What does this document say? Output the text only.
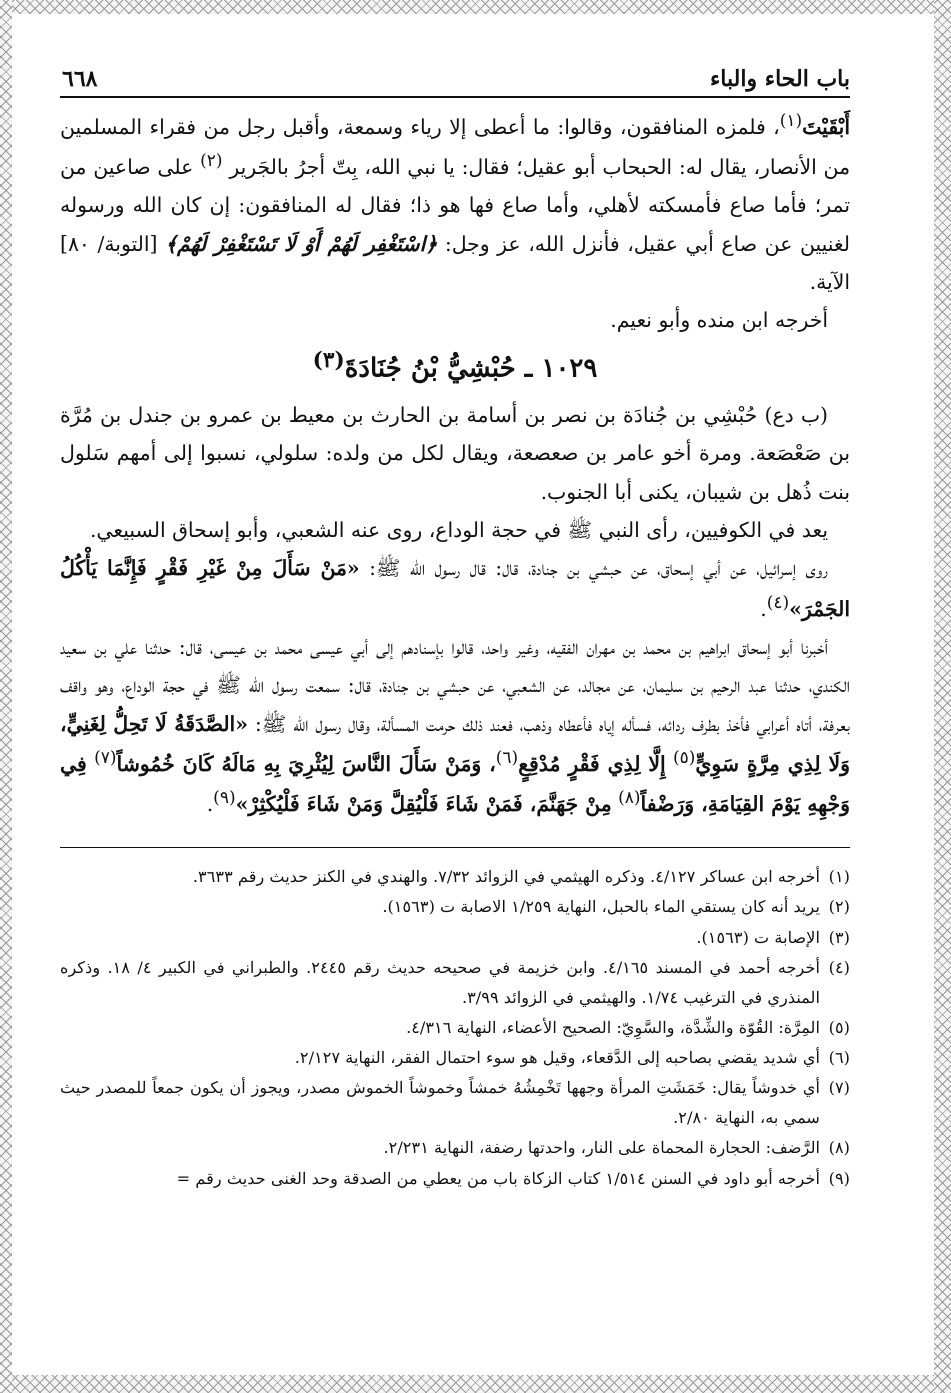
باب الحاء والباء
٦٦٨

أَبْقَيْتَ$^{(١)}$، فلمزه المنافقون، وقالوا: ما أعطى إلا رياء وسمعة، وأقبل رجل من فقراء المسلمين من الأنصار، يقال له: الحبحاب أبو عقيل؛ فقال: يا نبي الله، بِتّ أجرُ بالجَرير $^{(٢)}$ على صاعين من تمر؛ فأما صاع فأمسكته لأهلي، وأما صاع فها هو ذا؛ فقال له المنافقون: إن كان الله ورسوله لغنيين عن صاع أبي عقيل، فأنزل الله، عز وجل: ﴿اسْتَغْفِر لَهُمْ أَوْ لَا تَسْتَغْفِرْ لَهُمْ﴾ [التوبة/ ٨٠] الآية.

أخرجه ابن منده وأبو نعيم.

١٠٢٩ ـ حُبْشِيُّ بْنُ جُنَادَةَ$^{(٣)}$

(ب دع) حُبْشِي بن جُنادَة بن نصر بن أسامة بن الحارث بن معيط بن عمرو بن جندل بن مُرَّة بن صَعْصَعة. ومرة أخو عامر بن صعصعة، ويقال لكل من ولده: سلولي، نسبوا إلى أمهم سَلول بنت ذُهل بن شيبان، يكنى أبا الجنوب.

يعد في الكوفيين، رأى النبي ﷺ في حجة الوداع، روى عنه الشعبي، وأبو إسحاق السبيعي.

روى إسرائيل، عن أبي إسحاق، عن حبشي بن جنادة، قال: قال رسول الله ﷺ: «مَنْ سَأَلَ مِنْ غَيْرِ فَقْرٍ فَإِنَّمَا يَأْكُلُ الجَمْرَ»$^{(٤)}$.

أخبرنا أبو إسحاق ابراهيم بن محمد بن مهران الفقيه، وغير واحد، قالوا بإسنادهم إلى أبي عيسى محمد بن عيسى، قال: حدثنا علي بن سعيد الكندي، حدثنا عبد الرحيم بن سليمان، عن مجالد، عن الشعبي، عن حبشي بن جنادة، قال: سمعت رسول الله ﷺ في حجة الوداع، وهو واقف بعرفة، أتاه أعرابي فأخذ بطرف ردائه، فسأله إياه فأعطاه وذهب، فعند ذلك حرمت المسألة، وقال رسول الله ﷺ: «الصَّدَقَةُ لَا تَحِلُّ لِغَنِيٍّ، وَلَا لِذِي مِرَّةٍ سَوِيٍّ$^{(٥)}$ إِلَّا لِذِي فَقْرٍ مُدْقِعٍ$^{(٦)}$، وَمَنْ سَأَلَ النَّاسَ لِيُثْرِيَ بِهِ مَالَهُ كَانَ خُمُوشاً$^{(٧)}$ فِي وَجْهِهِ يَوْمَ القِيَامَةِ، وَرَضْفاً$^{(٨)}$ مِنْ جَهَنَّمَ، فَمَنْ شَاءَ فَلْيُقِلَّ وَمَنْ شَاءَ فَلْيُكْثِرْ»$^{(٩)}$.

(١)
أخرجه ابن عساكر ٤/١٢٧. وذكره الهيثمي في الزوائد ٧/٣٢. والهندي في الكنز حديث رقم ٣٦٣٣.
(٢)
يريد أنه كان يستقي الماء بالحبل، النهاية ١/٢٥٩ الاصابة ت (١٥٦٣).
(٣)
الإصابة ت (١٥٦٣).
(٤)
أخرجه أحمد في المسند ٤/١٦٥. وابن خزيمة في صحيحه حديث رقم ٢٤٤٥. والطبراني في الكبير ٤/ ١٨. وذكره المنذري في الترغيب ١/٧٤. والهيثمي في الزوائد ٣/٩٩.
(٥)
المِرَّة: القُوّة والشِّدَّة، والسَّوِيّ: الصحيح الأعضاء، النهاية ٤/٣١٦.
(٦)
أي شديد يقضي بصاحبه إلى الدَّقعاء، وقيل هو سوء احتمال الفقر، النهاية ٢/١٢٧.
(٧)
أي خدوشاً يقال: خَمَشَتِ المرأة وجهها تَخْمِشُهُ خمشاً وخموشاً الخموش مصدر، ويجوز أن يكون جمعاً للمصدر حيث سمي به، النهاية ٢/٨٠.
(٨)
الرَّضف: الحجارة المحماة على النار، واحدتها رضفة، النهاية ٢/٢٣١.
(٩)
أخرجه أبو داود في السنن ١/٥١٤ كتاب الزكاة باب من يعطي من الصدقة وحد الغنى حديث رقم =
